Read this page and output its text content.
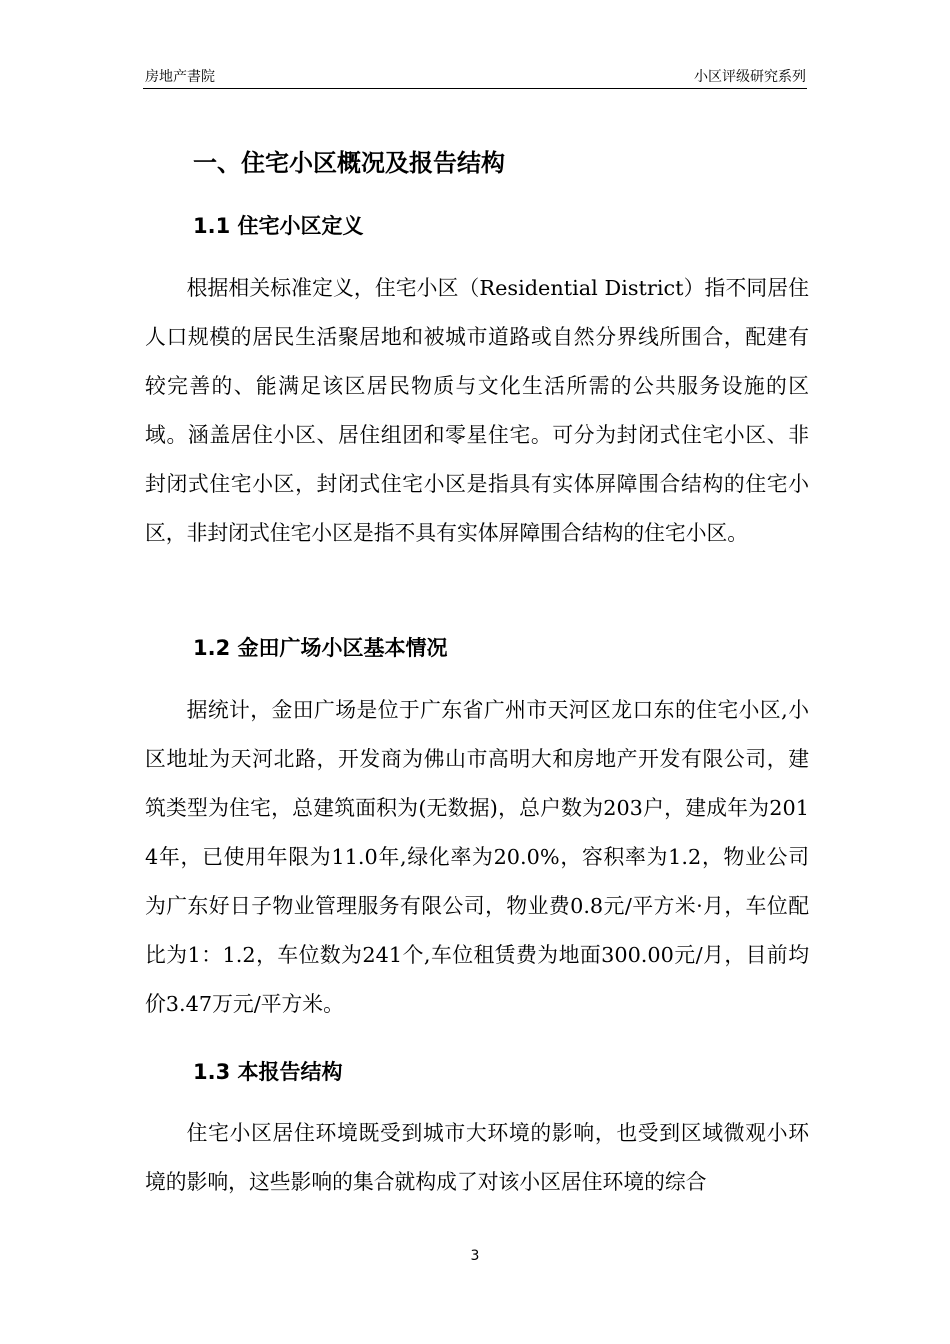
房地产書院	小区评级研究系列
一、住宅小区概况及报告结构
1.1 住宅小区定义
根据相关标准定义，住宅小区（Residential District）指不同居住人口规模的居民生活聚居地和被城市道路或自然分界线所围合，配建有较完善的、能满足该区居民物质与文化生活所需的公共服务设施的区域。涵盖居住小区、居住组团和零星住宅。可分为封闭式住宅小区、非封闭式住宅小区，封闭式住宅小区是指具有实体屏障围合结构的住宅小区，非封闭式住宅小区是指不具有实体屏障围合结构的住宅小区。
1.2 金田广场小区基本情况
据统计，金田广场是位于广东省广州市天河区龙口东的住宅小区,小区地址为天河北路，开发商为佛山市高明大和房地产开发有限公司，建筑类型为住宅，总建筑面积为(无数据)，总户数为203户，建成年为2014年，已使用年限为11.0年,绿化率为20.0%，容积率为1.2，物业公司为广东好日子物业管理服务有限公司，物业费0.8元/平方米·月，车位配比为1：1.2，车位数为241个,车位租赁费为地面300.00元/月，目前均价3.47万元/平方米。
1.3 本报告结构
住宅小区居住环境既受到城市大环境的影响，也受到区域微观小环境的影响，这些影响的集合就构成了对该小区居住环境的综合
3
